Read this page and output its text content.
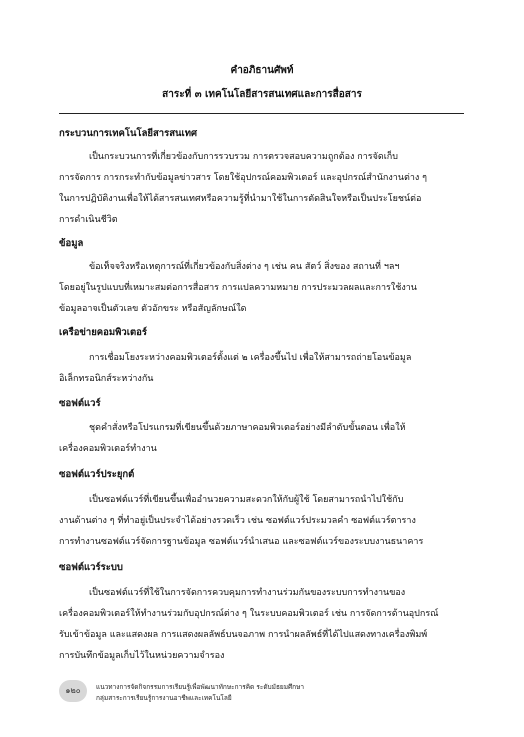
คำอภิธานศัพท์
สาระที่ ๓ เทคโนโลยีสารสนเทศและการสื่อสาร
กระบวนการเทคโนโลยีสารสนเทศ
เป็นกระบวนการที่เกี่ยวข้องกับการรวบรวม การตรวจสอบความถูกต้อง การจัดเก็บ
การจัดการ การกระทำกับข้อมูลข่าวสาร โดยใช้อุปกรณ์คอมพิวเตอร์ และอุปกรณ์สำนักงานต่าง ๆ
ในการปฏิบัติงานเพื่อให้ได้สารสนเทศหรือความรู้ที่นำมาใช้ในการตัดสินใจหรือเป็นประโยชน์ต่อ
การดำเนินชีวิต
ข้อมูล
ข้อเท็จจริงหรือเหตุการณ์ที่เกี่ยวข้องกับสิ่งต่าง ๆ เช่น คน สัตว์ สิ่งของ สถานที่ ฯลฯ
โดยอยู่ในรูปแบบที่เหมาะสมต่อการสื่อสาร การแปลความหมาย การประมวลผลและการใช้งาน
ข้อมูลอาจเป็นตัวเลข ตัวอักขระ หรือสัญลักษณ์ใด
เครือข่ายคอมพิวเตอร์
การเชื่อมโยงระหว่างคอมพิวเตอร์ตั้งแต่ ๒ เครื่องขึ้นไป เพื่อให้สามารถถ่ายโอนข้อมูล
อิเล็กทรอนิกส์ระหว่างกัน
ซอฟต์แวร์
ชุดคำสั่งหรือโปรแกรมที่เขียนขึ้นด้วยภาษาคอมพิวเตอร์อย่างมีลำดับขั้นตอน เพื่อให้
เครื่องคอมพิวเตอร์ทำงาน
ซอฟต์แวร์ประยุกต์
เป็นซอฟต์แวร์ที่เขียนขึ้นเพื่ออำนวยความสะดวกให้กับผู้ใช้ โดยสามารถนำไปใช้กับ
งานด้านต่าง ๆ ที่ทำอยู่เป็นประจำได้อย่างรวดเร็ว เช่น ซอฟต์แวร์ประมวลคำ ซอฟต์แวร์ตาราง
การทำงานซอฟต์แวร์จัดการฐานข้อมูล ซอฟต์แวร์นำเสนอ และซอฟต์แวร์ของระบบงานธนาคาร
ซอฟต์แวร์ระบบ
เป็นซอฟต์แวร์ที่ใช้ในการจัดการควบคุมการทำงานร่วมกันของระบบการทำงานของ
เครื่องคอมพิวเตอร์ให้ทำงานร่วมกับอุปกรณ์ต่าง ๆ ในระบบคอมพิวเตอร์ เช่น การจัดการด้านอุปกรณ์
รับเข้าข้อมูล และแสดงผล การแสดงผลลัพธ์บนจอภาพ การนำผลลัพธ์ที่ได้ไปแสดงทางเครื่องพิมพ์
การบันทึกข้อมูลเก็บไว้ในหน่วยความจำรอง
๑๒๐	แนวทางการจัดกิจกรรมการเรียนรู้เพื่อพัฒนาทักษะการคิด ระดับมัธยมศึกษา
กลุ่มสาระการเรียนรู้การงานอาชีพและเทคโนโลยี
